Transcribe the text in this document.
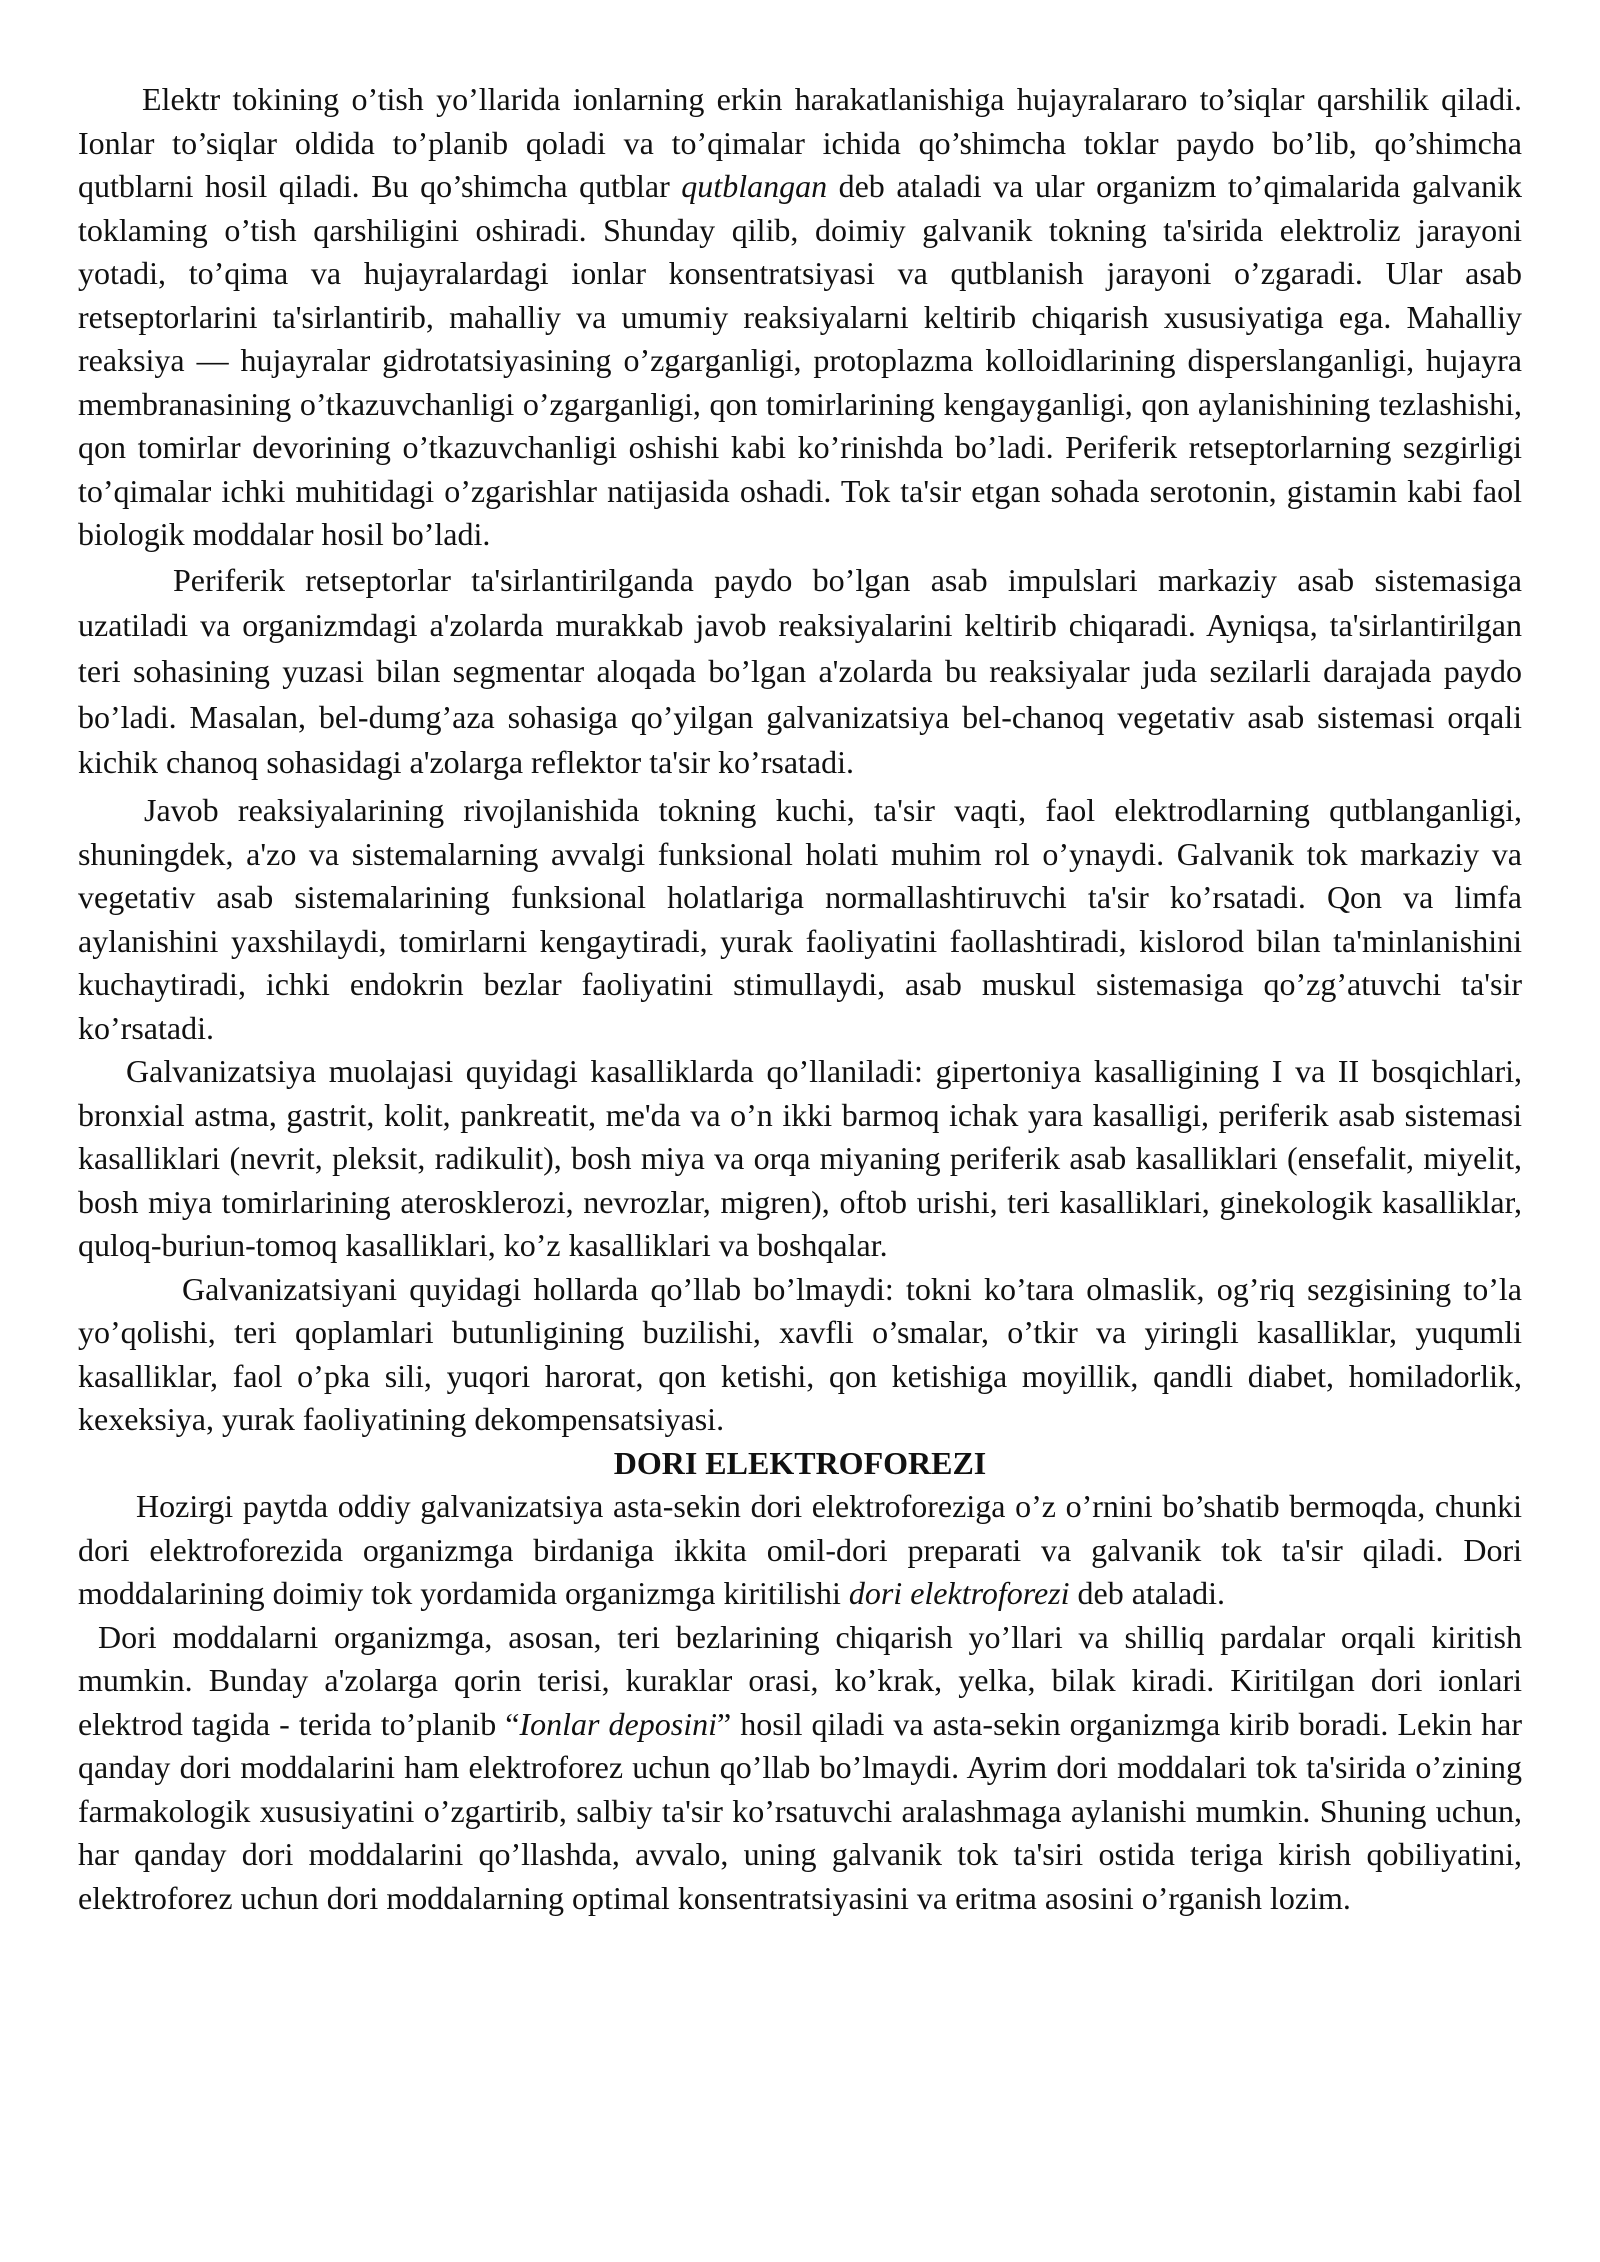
Elektr tokining o’tish yo’llarida ionlarning erkin harakatlanishiga hujayralararo to’siqlar qarshilik qiladi. Ionlar to’siqlar oldida to’planib qoladi va to’qimalar ichida qo’shimcha toklar paydo bo’lib, qo’shimcha qutblarni hosil qiladi. Bu qo’shimcha qutblar qutblangan deb ataladi va ular organizm to’qimalarida galvanik toklaming o’tish qarshiligini oshiradi. Shunday qilib, doimiy galvanik tokning ta'sirida elektroliz jarayoni yotadi, to’qima va hujayralardagi ionlar konsentratsiyasi va qutblanish jarayoni o’zgaradi. Ular asab retseptorlarini ta'sirlantirib, mahalliy va umumiy reaksiyalarni keltirib chiqarish xususiyatiga ega. Mahalliy reaksiya — hujayralar gidrotatsiyasining o’zgarganligi, protoplazma kolloidlarining disperslanganligi, hujayra membranasining o’tkazuvchanligi o’zgarganligi, qon tomirlarining kengayganligi, qon aylanishining tezlashishi, qon tomirlar devorining o’tkazuvchanligi oshishi kabi ko’rinishda bo’ladi. Periferik retseptorlarning sezgirligi to’qimalar ichki muhitidagi o’zgarishlar natijasida oshadi. Tok ta'sir etgan sohada serotonin, gistamin kabi faol biologik moddalar hosil bo’ladi.

Periferik retseptorlar ta'sirlantirilganda paydo bo’lgan asab impulslari markaziy asab sistemasiga uzatiladi va organizmdagi a'zolarda murakkab javob reaksiyalarini keltirib chiqaradi. Ayniqsa, ta'sirlantirilgan teri sohasining yuzasi bilan segmentar aloqada bo’lgan a'zolarda bu reaksiyalar juda sezilarli darajada paydo bo’ladi. Masalan, bel-dumg’aza sohasiga qo’yilgan galvanizatsiya bel-chanoq vegetativ asab sistemasi orqali kichik chanoq sohasidagi a'zolarga reflektor ta'sir ko’rsatadi.

Javob reaksiyalarining rivojlanishida tokning kuchi, ta'sir vaqti, faol elektrodlarning qutblanganligi, shuningdek, a'zo va sistemalarning avvalgi funksional holati muhim rol o’ynaydi. Galvanik tok markaziy va vegetativ asab sistemalarining funksional holatlariga normallashtiruvchi ta'sir ko’rsatadi. Qon va limfa aylanishini yaxshilaydi, tomirlarni kengaytiradi, yurak faoliyatini faollashtiradi, kislorod bilan ta'minlanishini kuchaytiradi, ichki endokrin bezlar faoliyatini stimullaydi, asab muskul sistemasiga qo’zg’atuvchi ta'sir ko’rsatadi.

Galvanizatsiya muolajasi quyidagi kasalliklarda qo’llaniladi: gipertoniya kasalligining I va II bosqichlari, bronxial astma, gastrit, kolit, pankreatit, me'da va o’n ikki barmoq ichak yara kasalligi, periferik asab sistemasi kasalliklari (nevrit, pleksit, radikulit), bosh miya va orqa miyaning periferik asab kasalliklari (ensefalit, miyelit, bosh miya tomirlarining aterosklerozi, nevrozlar, migren), oftob urishi, teri kasalliklari, ginekologik kasalliklar, quloq-buriun-tomoq kasalliklari, ko’z kasalliklari va boshqalar.

Galvanizatsiyani quyidagi hollarda qo’llab bo’lmaydi: tokni ko’tara olmaslik, og’riq sezgisining to’la yo’qolishi, teri qoplamlari butunligining buzilishi, xavfli o’smalar, o’tkir va yiringli kasalliklar, yuqumli kasalliklar, faol o’pka sili, yuqori harorat, qon ketishi, qon ketishiga moyillik, qandli diabet, homiladorlik, kexeksiya, yurak faoliyatining dekompensatsiyasi.

DORI ELEKTROFOREZI

Hozirgi paytda oddiy galvanizatsiya asta-sekin dori elektroforeziga o’z o’rnini bo’shatib bermoqda, chunki dori elektroforezida organizmga birdaniga ikkita omil-dori preparati va galvanik tok ta'sir qiladi. Dori moddalarining doimiy tok yordamida organizmga kiritilishi dori elektroforezi deb ataladi.

Dori moddalarni organizmga, asosan, teri bezlarining chiqarish yo’llari va shilliq pardalar orqali kiritish mumkin. Bunday a'zolarga qorin terisi, kuraklar orasi, ko’krak, yelka, bilak kiradi. Kiritilgan dori ionlari elektrod tagida - terida to’planib “Ionlar deposini” hosil qiladi va asta-sekin organizmga kirib boradi. Lekin har qanday dori moddalarini ham elektroforez uchun qo’llab bo’lmaydi. Ayrim dori moddalari tok ta'sirida o’zining farmakologik xususiyatini o’zgartirib, salbiy ta'sir ko’rsatuvchi aralashmaga aylanishi mumkin. Shuning uchun, har qanday dori moddalarini qo’llashda, avvalo, uning galvanik tok ta'siri ostida teriga kirish qobiliyatini, elektroforez uchun dori moddalarning optimal konsentratsiyasini va eritma asosini o’rganish lozim.
